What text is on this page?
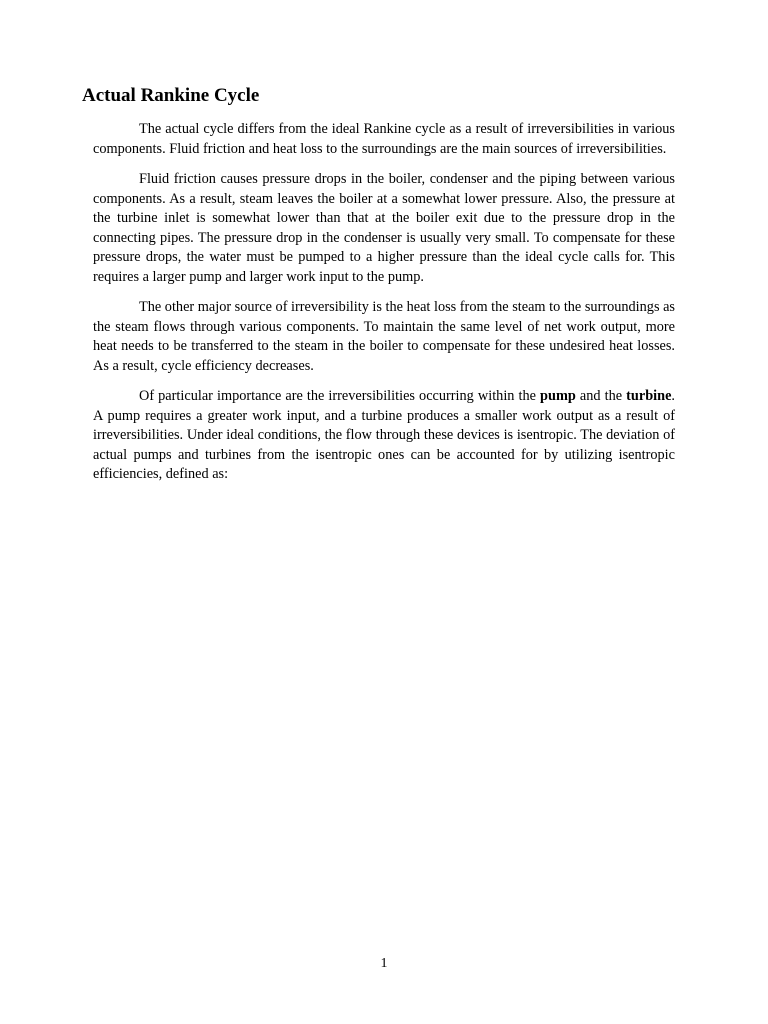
Actual Rankine Cycle

The actual cycle differs from the ideal Rankine cycle as a result of irreversibilities in various components. Fluid friction and heat loss to the surroundings are the main sources of irreversibilities.

Fluid friction causes pressure drops in the boiler, condenser and the piping between various components. As a result, steam leaves the boiler at a somewhat lower pressure. Also, the pressure at the turbine inlet is somewhat lower than that at the boiler exit due to the pressure drop in the connecting pipes. The pressure drop in the condenser is usually very small. To compensate for these pressure drops, the water must be pumped to a higher pressure than the ideal cycle calls for. This requires a larger pump and larger work input to the pump.

The other major source of irreversibility is the heat loss from the steam to the surroundings as the steam flows through various components. To maintain the same level of net work output, more heat needs to be transferred to the steam in the boiler to compensate for these undesired heat losses. As a result, cycle efficiency decreases.

Of particular importance are the irreversibilities occurring within the pump and the turbine. A pump requires a greater work input, and a turbine produces a smaller work output as a result of irreversibilities. Under ideal conditions, the flow through these devices is isentropic. The deviation of actual pumps and turbines from the isentropic ones can be accounted for by utilizing isentropic efficiencies, defined as:

1
